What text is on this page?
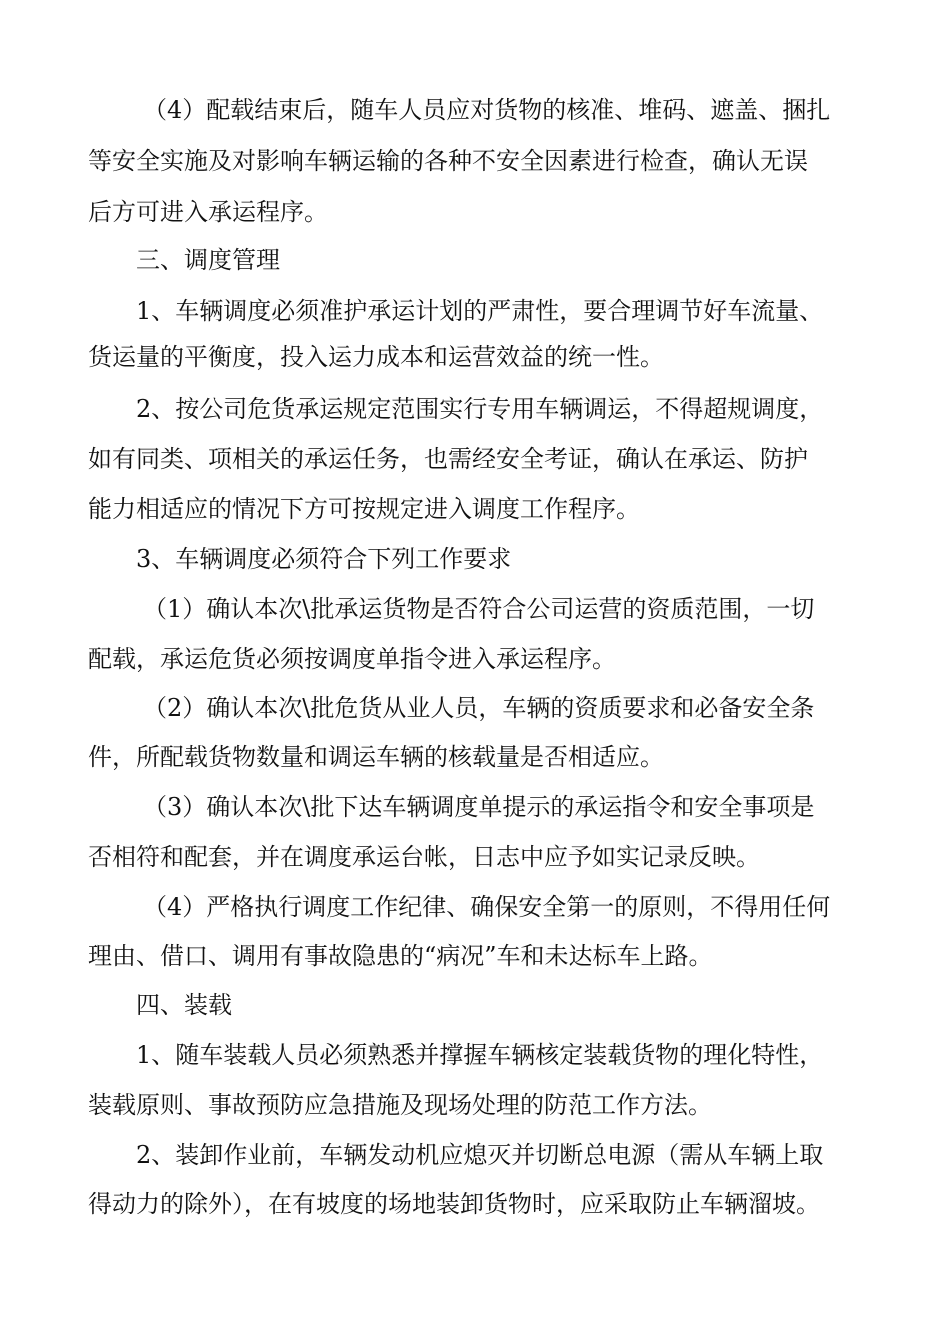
（4）配载结束后，随车人员应对货物的核准、堆码、遮盖、捆扎
等安全实施及对影响车辆运输的各种不安全因素进行检查，确认无误
后方可进入承运程序。
三、调度管理
1、车辆调度必须准护承运计划的严肃性，要合理调节好车流量、
货运量的平衡度，投入运力成本和运营效益的统一性。
2、按公司危货承运规定范围实行专用车辆调运，不得超规调度，
如有同类、项相关的承运任务，也需经安全考证，确认在承运、防护
能力相适应的情况下方可按规定进入调度工作程序。
3、车辆调度必须符合下列工作要求
（1）确认本次\批承运货物是否符合公司运营的资质范围，一切
配载，承运危货必须按调度单指令进入承运程序。
（2）确认本次\批危货从业人员，车辆的资质要求和必备安全条
件，所配载货物数量和调运车辆的核载量是否相适应。
（3）确认本次\批下达车辆调度单提示的承运指令和安全事项是
否相符和配套，并在调度承运台帐，日志中应予如实记录反映。
（4）严格执行调度工作纪律、确保安全第一的原则，不得用任何
理由、借口、调用有事故隐患的“病况”车和未达标车上路。
四、装载
1、随车装载人员必须熟悉并撑握车辆核定装载货物的理化特性，
装载原则、事故预防应急措施及现场处理的防范工作方法。
2、装卸作业前，车辆发动机应熄灭并切断总电源（需从车辆上取
得动力的除外），在有坡度的场地装卸货物时，应采取防止车辆溜坡。
